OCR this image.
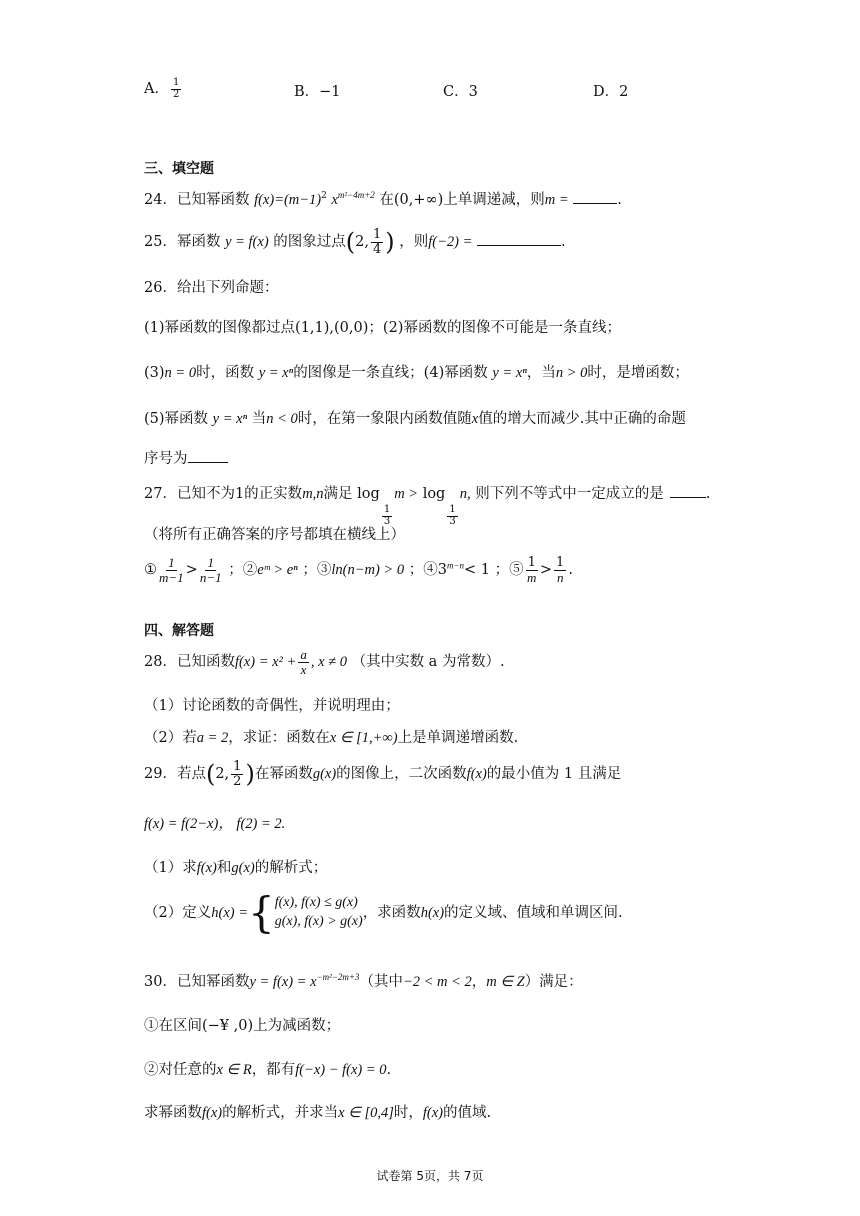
A． $\frac{1}{2}$	B．−1	C．3	D．2
三、填空题
24．已知幂函数 $f(x)=(m-1)^2$ $x^{m^2-4m+2}$ 在(0,+∞)上单调递减，则m =	.
25．幂函数 y = f(x) 的图象过点(2, $\frac{1}{4}$ ) ，则f(−2) =	.
26．给出下列命题：
(1)幂函数的图像都过点(1,1),(0,0)；(2)幂函数的图像不可能是一条直线；
(3)n = 0时，函数 y = xⁿ的图像是一条直线；(4)幂函数 y = xⁿ，当n > 0时，是增函数；
(5)幂函数 y = xⁿ 当n < 0时，在第一象限内函数值随x值的增大而减少.其中正确的命题
序号为
27．已知不为1的正实数m,n满足 log
$\frac{1}{3}$
m > log
$\frac{1}{3}$
n, 则下列不等式中一定成立的是	.
（将所有正确答案的序号都填在横线上）
① $\frac{1}{m-1} > \frac{1}{n-1}$ ；②eᵐ > eⁿ ；③ln(n−m) > 0 ；$④3^{m-n}< 1$ ；⑤ $\frac{1}{m} > \frac{1}{n}$ .
四、解答题
28．已知函数$f(x) = x^2 + \frac{a}{x}$ , x ≠ 0 （其中实数 a 为常数）.
（1）讨论函数的奇偶性，并说明理由；
（2）若a = 2，求证：函数在x ∈ [1,+∞)上是单调递增函数.
29．若点(2, $\frac{1}{2}$ )在幂函数g(x)的图像上，二次函数f(x)的最小值为 1 且满足
f(x) = f(2−x)， f(2) = 2.
（1）求f(x)和g(x)的解析式；
（2）定义h(x) ={ f(x), f(x) ≤ g(x)
g(x), f(x) > g(x)
，求函数h(x)的定义域、值域和单调区间.
30．已知幂函数$y = f(x) = x^{-m^2-2m+3}$（其中−2 < m < 2，m ∈ Z）满足：
①在区间(−¥ ,0)上为减函数；
②对任意的x ∈ R，都有f(−x) − f(x) = 0.
求幂函数f(x)的解析式，并求当x ∈ [0,4]时，f(x)的值域.
试卷第 5页，共 7页
